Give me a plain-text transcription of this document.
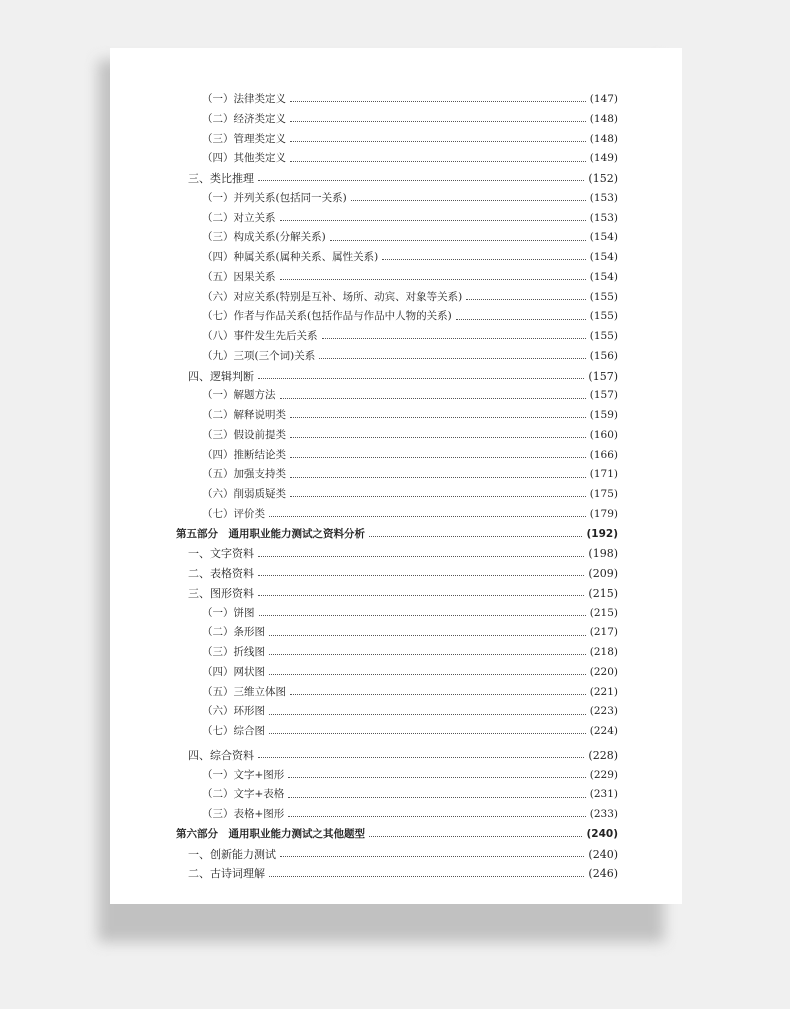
（一）法律类定义	(147)
（二）经济类定义	(148)
（三）管理类定义	(148)
（四）其他类定义	(149)
三、类比推理	(152)
（一）并列关系(包括同一关系)	(153)
（二）对立关系	(153)
（三）构成关系(分解关系)	(154)
（四）种属关系(属种关系、属性关系)	(154)
（五）因果关系	(154)
（六）对应关系(特别是互补、场所、动宾、对象等关系)	(155)
（七）作者与作品关系(包括作品与作品中人物的关系)	(155)
（八）事件发生先后关系	(155)
（九）三项(三个词)关系	(156)
四、逻辑判断	(157)
（一）解题方法	(157)
（二）解释说明类	(159)
（三）假设前提类	(160)
（四）推断结论类	(166)
（五）加强支持类	(171)
（六）削弱质疑类	(175)
（七）评价类	(179)
第五部分　通用职业能力测试之资料分析	(192)
一、文字资料	(198)
二、表格资料	(209)
三、图形资料	(215)
（一）饼图	(215)
（二）条形图	(217)
（三）折线图	(218)
（四）网状图	(220)
（五）三维立体图	(221)
（六）环形图	(223)
（七）综合图	(224)
四、综合资料	(228)
（一）文字+图形	(229)
（二）文字+表格	(231)
（三）表格+图形	(233)
第六部分　通用职业能力测试之其他题型	(240)
一、创新能力测试	(240)
二、古诗词理解	(246)
